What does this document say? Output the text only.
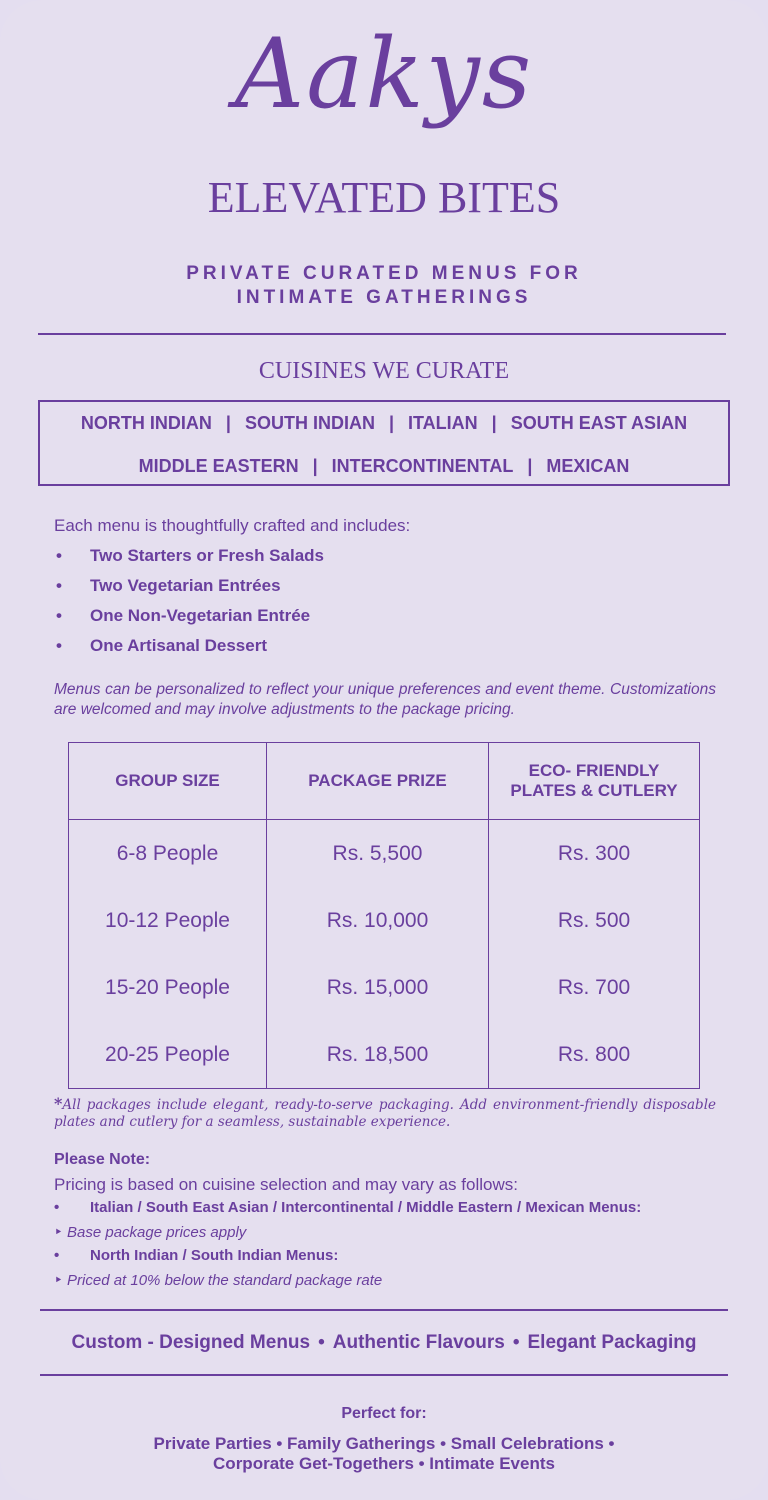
Aakys
ELEVATED BITES
PRIVATE CURATED MENUS FOR
INTIMATE GATHERINGS
CUISINES WE CURATE
NORTH INDIAN | SOUTH INDIAN | ITALIAN | SOUTH EAST ASIAN
MIDDLE EASTERN | INTERCONTINENTAL | MEXICAN
Each menu is thoughtfully crafted and includes:
• Two Starters or Fresh Salads
• Two Vegetarian Entrées
• One Non-Vegetarian Entrée
• One Artisanal Dessert
Menus can be personalized to reflect your unique preferences and event theme. Customizations are welcomed and may involve adjustments to the package pricing.
GROUP SIZE	PACKAGE PRIZE	ECO- FRIENDLY
PLATES & CUTLERY

6-8 People	Rs. 5,500	Rs. 300
10-12 People	Rs. 10,000	Rs. 500
15-20 People	Rs. 15,000	Rs. 700
20-25 People	Rs. 18,500	Rs. 800
*All packages include elegant, ready-to-serve packaging. Add environment-friendly disposable plates and cutlery for a seamless, sustainable experience.
Please Note:
Pricing is based on cuisine selection and may vary as follows:
• Italian / South East Asian / Intercontinental / Middle Eastern / Mexican Menus:
‣ Base package prices apply
• North Indian / South Indian Menus:
‣ Priced at 10% below the standard package rate
Custom - Designed Menus • Authentic Flavours • Elegant Packaging
Perfect for:
Private Parties • Family Gatherings • Small Celebrations •
Corporate Get-Togethers • Intimate Events
